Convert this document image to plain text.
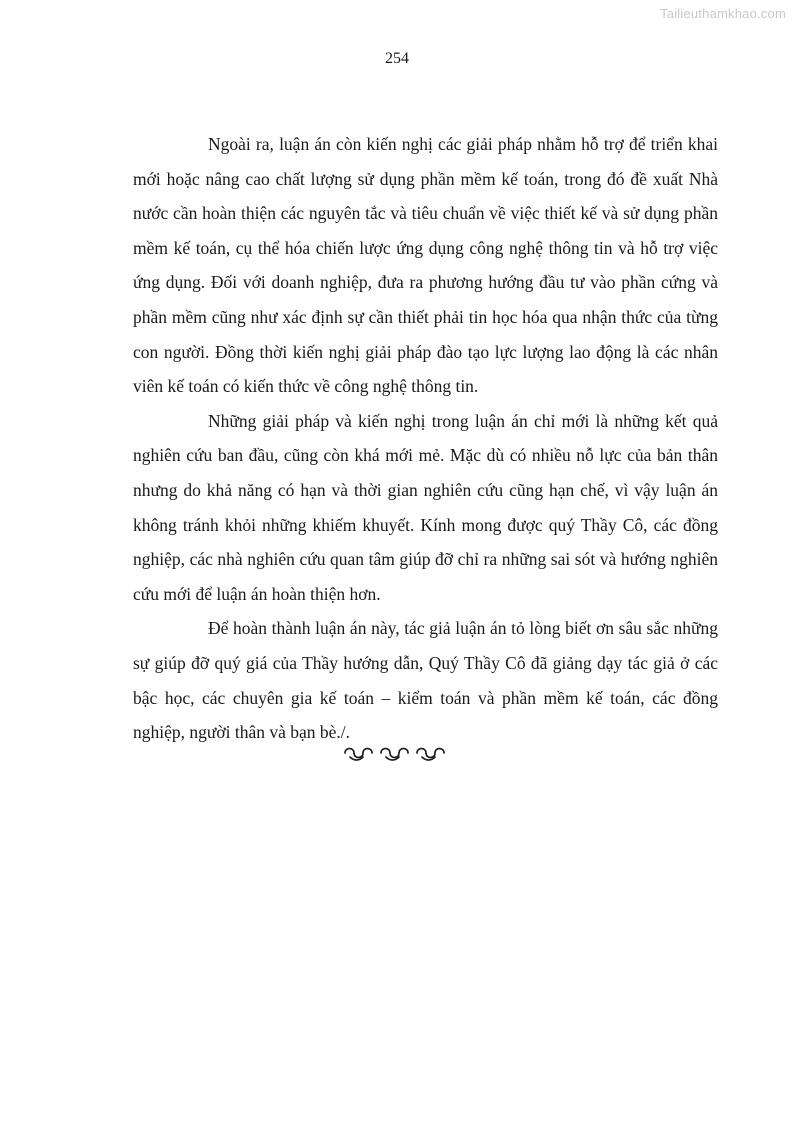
Tailieuthamkhao.com
254

Ngoài ra, luận án còn kiến nghị các giải pháp nhằm hỗ trợ để triển khai mới hoặc nâng cao chất lượng sử dụng phần mềm kế toán, trong đó đề xuất Nhà nước cần hoàn thiện các nguyên tắc và tiêu chuẩn về việc thiết kế và sử dụng phần mềm kế toán, cụ thể hóa chiến lược ứng dụng công nghệ thông tin và hỗ trợ việc ứng dụng. Đối với doanh nghiệp, đưa ra phương hướng đầu tư vào phần cứng và phần mềm cũng như xác định sự cần thiết phải tin học hóa qua nhận thức của từng con người. Đồng thời kiến nghị giải pháp đào tạo lực lượng lao động là các nhân viên kế toán có kiến thức về công nghệ thông tin.

Những giải pháp và kiến nghị trong luận án chỉ mới là những kết quả nghiên cứu ban đầu, cũng còn khá mới mẻ. Mặc dù có nhiều nỗ lực của bản thân nhưng do khả năng có hạn và thời gian nghiên cứu cũng hạn chế, vì vậy luận án không tránh khỏi những khiếm khuyết. Kính mong được quý Thầy Cô, các đồng nghiệp, các nhà nghiên cứu quan tâm giúp đỡ chỉ ra những sai sót và hướng nghiên cứu mới để luận án hoàn thiện hơn.

Để hoàn thành luận án này, tác giả luận án tỏ lòng biết ơn sâu sắc những sự giúp đỡ quý giá của Thầy hướng dẫn, Quý Thầy Cô đã giảng dạy tác giả ở các bậc học, các chuyên gia kế toán – kiểm toán và phần mềm kế toán, các đồng nghiệp, người thân và bạn bè./.
